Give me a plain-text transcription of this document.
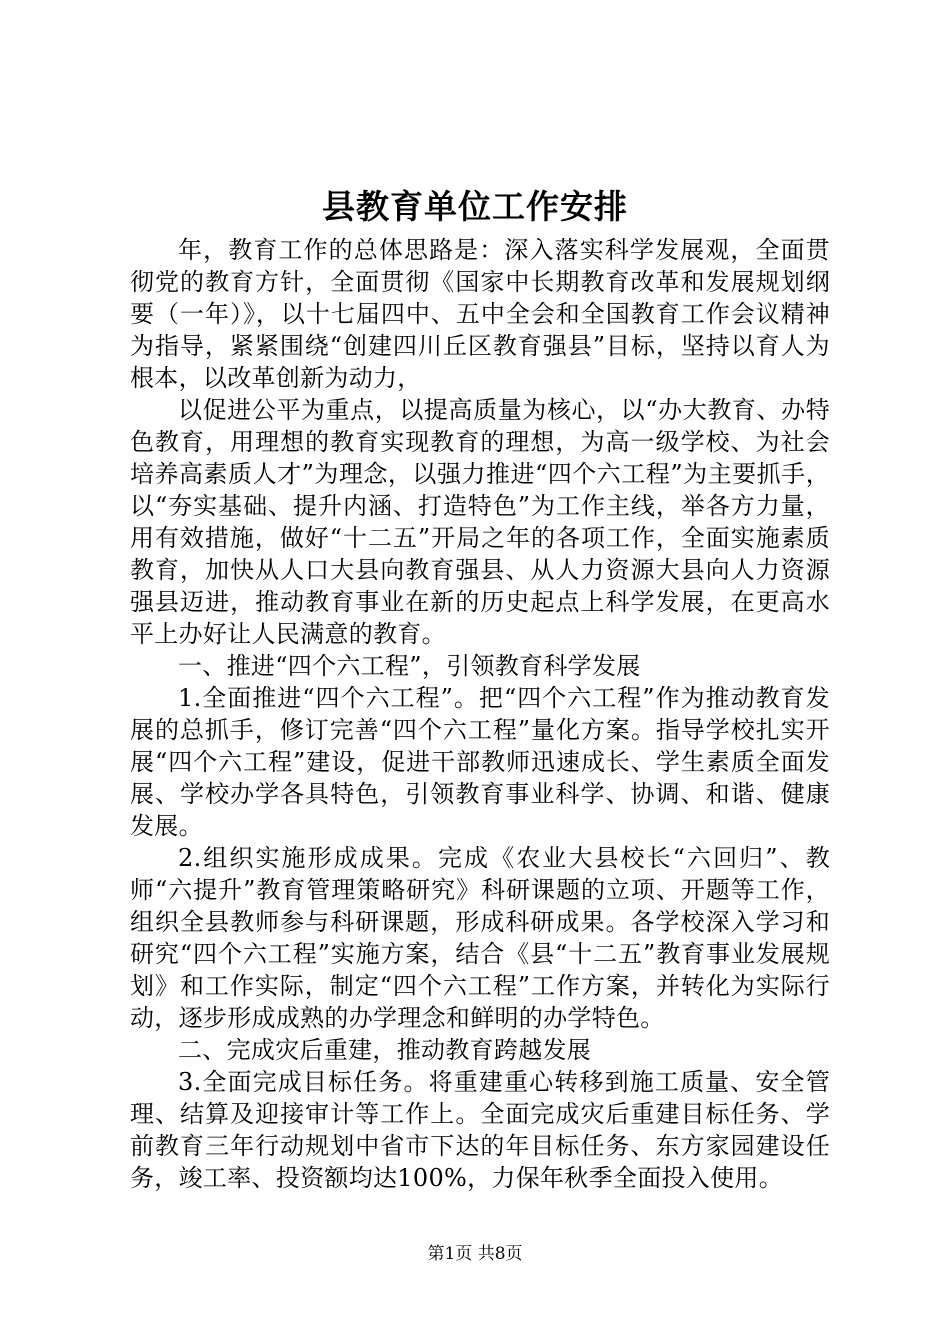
县教育单位工作安排

年，教育工作的总体思路是：深入落实科学发展观，全面贯彻党的教育方针，全面贯彻《国家中长期教育改革和发展规划纲要（一年）》，以十七届四中、五中全会和全国教育工作会议精神为指导，紧紧围绕“创建四川丘区教育强县”目标，坚持以育人为根本，以改革创新为动力，

以促进公平为重点，以提高质量为核心，以“办大教育、办特色教育，用理想的教育实现教育的理想，为高一级学校、为社会培养高素质人才”为理念，以强力推进“四个六工程”为主要抓手，以“夯实基础、提升内涵、打造特色”为工作主线，举各方力量，用有效措施，做好“十二五”开局之年的各项工作，全面实施素质教育，加快从人口大县向教育强县、从人力资源大县向人力资源强县迈进，推动教育事业在新的历史起点上科学发展，在更高水平上办好让人民满意的教育。

一、推进“四个六工程”，引领教育科学发展

1.全面推进“四个六工程”。把“四个六工程”作为推动教育发展的总抓手，修订完善“四个六工程”量化方案。指导学校扎实开展“四个六工程”建设，促进干部教师迅速成长、学生素质全面发展、学校办学各具特色，引领教育事业科学、协调、和谐、健康发展。

2.组织实施形成成果。完成《农业大县校长“六回归”、教师“六提升”教育管理策略研究》科研课题的立项、开题等工作，组织全县教师参与科研课题，形成科研成果。各学校深入学习和研究“四个六工程”实施方案，结合《县“十二五”教育事业发展规划》和工作实际，制定“四个六工程”工作方案，并转化为实际行动，逐步形成成熟的办学理念和鲜明的办学特色。

二、完成灾后重建，推动教育跨越发展

3.全面完成目标任务。将重建重心转移到施工质量、安全管理、结算及迎接审计等工作上。全面完成灾后重建目标任务、学前教育三年行动规划中省市下达的年目标任务、东方家园建设任务，竣工率、投资额均达100%，力保年秋季全面投入使用。

第1页 共8页
